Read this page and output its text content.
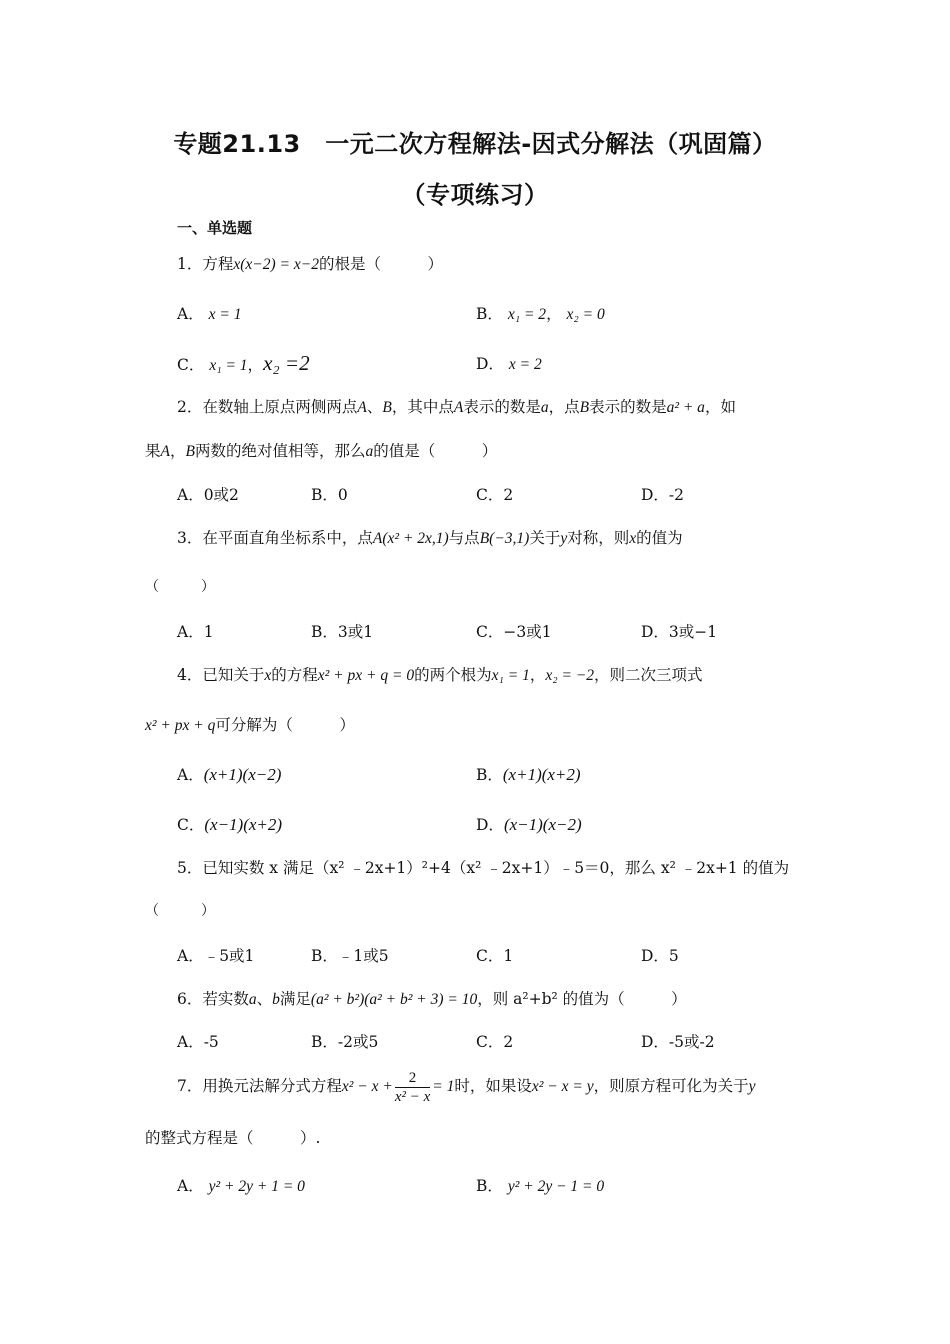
专题21.13　一元二次方程解法-因式分解法（巩固篇）
（专项练习）
一、单选题
1．方程x(x−2) = x−2的根是（　　　）
A． x = 1	B． x₁ = 2， x₂ = 0
C． x₁ = 1，x₂ =2	D． x = 2
2．在数轴上原点两侧两点A、B，其中点A表示的数是a，点B表示的数是a² + a，如
果A，B两数的绝对值相等，那么a的值是（　　　）
A．0或2	B．0	C．2	D．-2
3．在平面直角坐标系中，点A(x² + 2x,1)与点B(−3,1)关于y对称，则x的值为
（　　　）
A．1	B．3或1	C．−3或1	D．3或−1
4．已知关于x的方程x² + px + q = 0的两个根为x₁ = 1，x₂ = −2，则二次三项式
x² + px + q可分解为（　　　）
A．(x+1)(x−2)	B．(x+1)(x+2)
C．(x−1)(x+2)	D．(x−1)(x−2)
5．已知实数 x 满足（x² ﹣2x+1）²+4（x² ﹣2x+1）﹣5＝0，那么 x² ﹣2x+1 的值为
（　　　）
A．﹣5或1	B．﹣1或5	C．1	D．5
6．若实数a、b满足(a² + b²)(a² + b² + 3) = 10，则 a²+b² 的值为（　　　）
A．-5	B．-2或5	C．2	D．-5或-2
7．用换元法解分式方程$x^2 - x + \frac{2}{\text{x² − x}} = 1$时，如果设x² − x = y，则原方程可化为关于y
的整式方程是（　　　）.
A． y² + 2y + 1 = 0	B． y² + 2y − 1 = 0
